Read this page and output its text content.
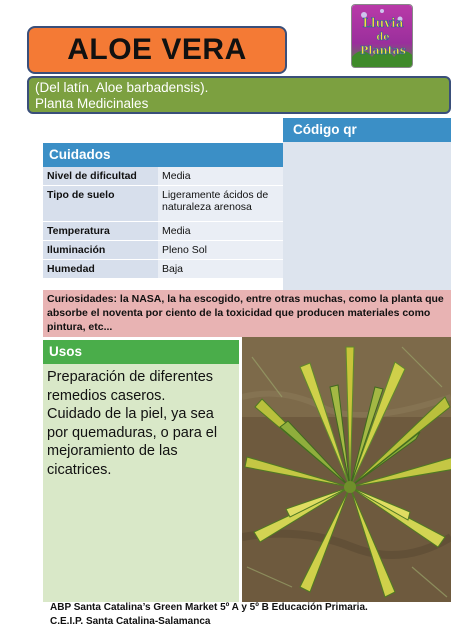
ALOE VERA
Lluvia
de
Plantas
(Del latín. Aloe barbadensis).
Planta Medicinales
Código qr
Cuidados
Nivel de dificultad	Media
Tipo de suelo	Ligeramente ácidos de naturaleza arenosa
Temperatura	Media
Iluminación	Pleno Sol
Humedad	Baja
Curiosidades: la NASA, la ha escogido, entre otras muchas, como la planta que absorbe el noventa por ciento de la toxicidad que producen materiales como pintura, etc...
Usos

Preparación de diferentes remedios caseros.

Cuidado de la piel, ya sea por quemaduras, o para el mejoramiento de las cicatrices.

ABP Santa Catalina’s Green Market 5º A y 5º B Educación Primaria.
C.E.I.P. Santa Catalina-Salamanca
